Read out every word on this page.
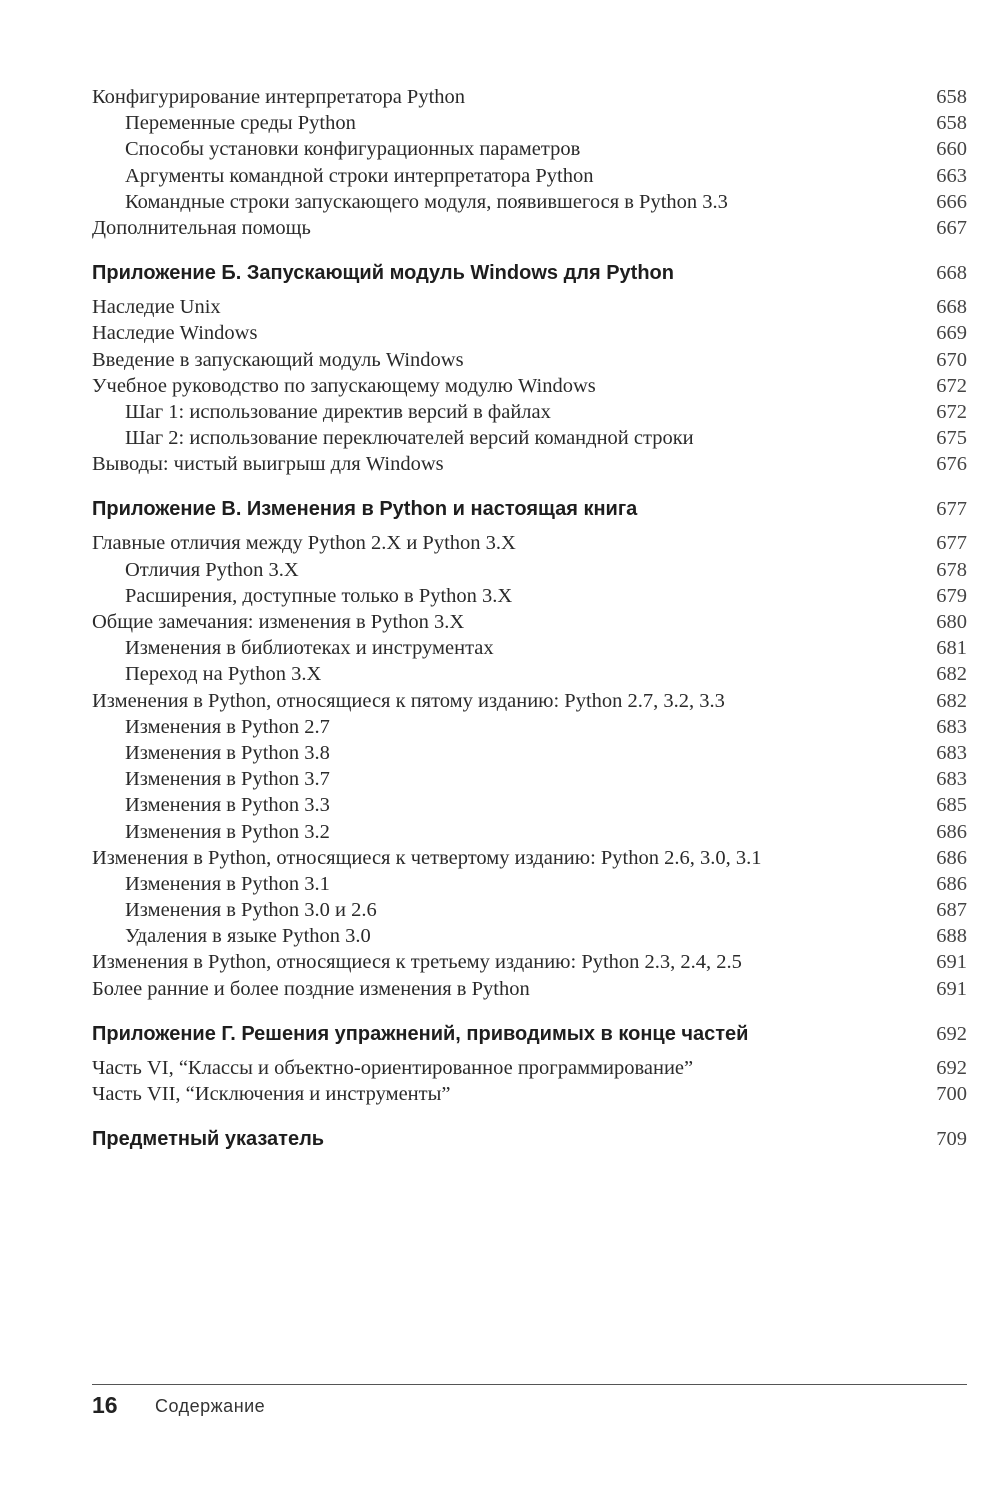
Конфигурирование интерпретатора Python	658
Переменные среды Python	658
Способы установки конфигурационных параметров	660
Аргументы командной строки интерпретатора Python	663
Командные строки запускающего модуля, появившегося в Python 3.3	666
Дополнительная помощь	667
Приложение Б. Запускающий модуль Windows для Python	668
Наследие Unix	668
Наследие Windows	669
Введение в запускающий модуль Windows	670
Учебное руководство по запускающему модулю Windows	672
Шаг 1: использование директив версий в файлах	672
Шаг 2: использование переключателей версий командной строки	675
Выводы: чистый выигрыш для Windows	676
Приложение В. Изменения в Python и настоящая книга	677
Главные отличия между Python 2.X и Python 3.X	677
Отличия Python 3.X	678
Расширения, доступные только в Python 3.X	679
Общие замечания: изменения в Python 3.X	680
Изменения в библиотеках и инструментах	681
Переход на Python 3.X	682
Изменения в Python, относящиеся к пятому изданию: Python 2.7, 3.2, 3.3	682
Изменения в Python 2.7	683
Изменения в Python 3.8	683
Изменения в Python 3.7	683
Изменения в Python 3.3	685
Изменения в Python 3.2	686
Изменения в Python, относящиеся к четвертому изданию: Python 2.6, 3.0, 3.1	686
Изменения в Python 3.1	686
Изменения в Python 3.0 и 2.6	687
Удаления в языке Python 3.0	688
Изменения в Python, относящиеся к третьему изданию: Python 2.3, 2.4, 2.5	691
Более ранние и более поздние изменения в Python	691
Приложение Г. Решения упражнений, приводимых в конце частей	692
Часть VI, “Классы и объектно-ориентированное программирование”	692
Часть VII, “Исключения и инструменты”	700
Предметный указатель	709
16 Содержание
